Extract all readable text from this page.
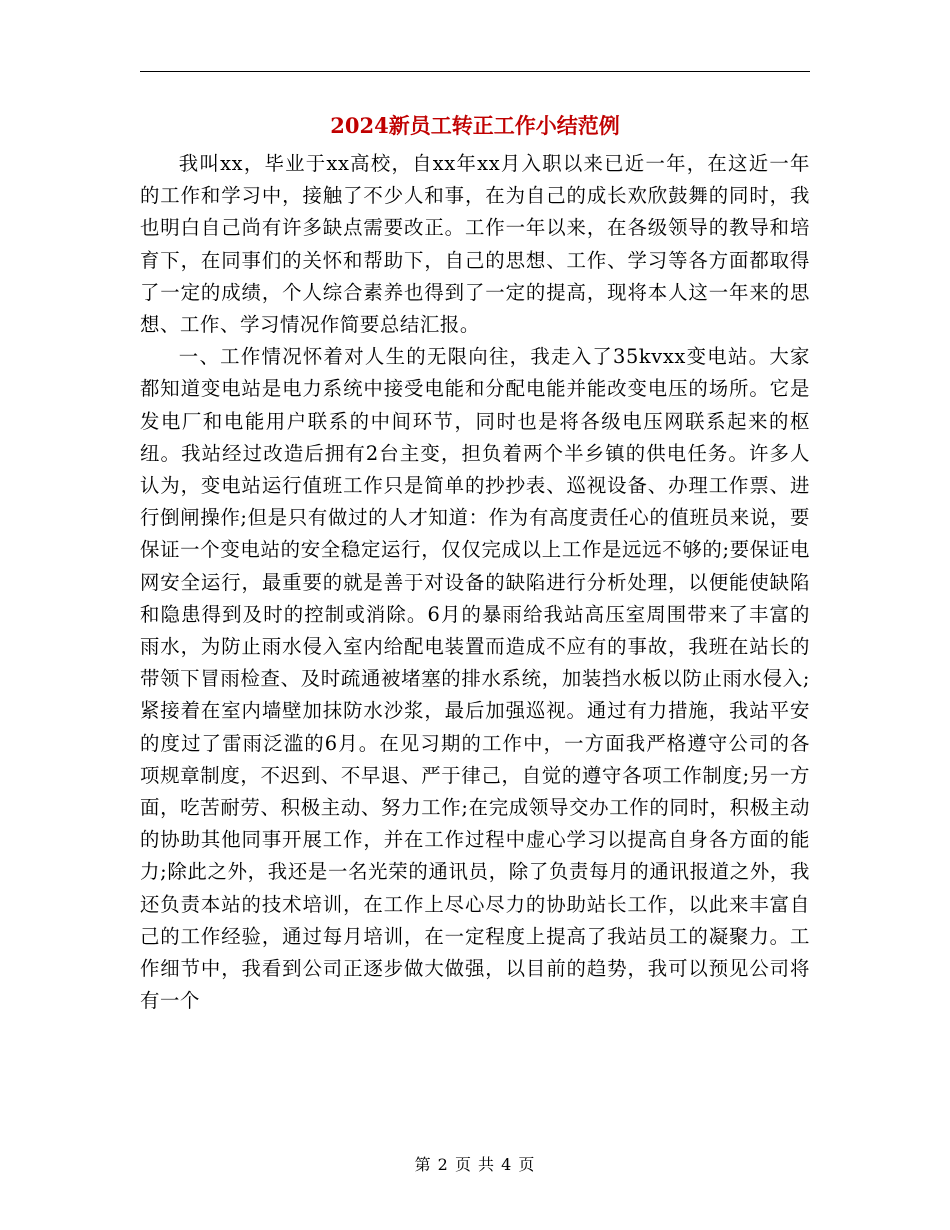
2024新员工转正工作小结范例

我叫xx，毕业于xx高校，自xx年xx月入职以来已近一年，在这近一年的工作和学习中，接触了不少人和事，在为自己的成长欢欣鼓舞的同时，我也明白自己尚有许多缺点需要改正。工作一年以来，在各级领导的教导和培育下，在同事们的关怀和帮助下，自己的思想、工作、学习等各方面都取得了一定的成绩，个人综合素养也得到了一定的提高，现将本人这一年来的思想、工作、学习情况作简要总结汇报。

一、工作情况怀着对人生的无限向往，我走入了35kvxx变电站。大家都知道变电站是电力系统中接受电能和分配电能并能改变电压的场所。它是发电厂和电能用户联系的中间环节，同时也是将各级电压网联系起来的枢纽。我站经过改造后拥有2台主变，担负着两个半乡镇的供电任务。许多人认为，变电站运行值班工作只是简单的抄抄表、巡视设备、办理工作票、进行倒闸操作;但是只有做过的人才知道：作为有高度责任心的值班员来说，要保证一个变电站的安全稳定运行，仅仅完成以上工作是远远不够的;要保证电网安全运行，最重要的就是善于对设备的缺陷进行分析处理，以便能使缺陷和隐患得到及时的控制或消除。6月的暴雨给我站高压室周围带来了丰富的雨水，为防止雨水侵入室内给配电装置而造成不应有的事故，我班在站长的带领下冒雨检查、及时疏通被堵塞的排水系统，加装挡水板以防止雨水侵入;紧接着在室内墙壁加抹防水沙浆，最后加强巡视。通过有力措施，我站平安的度过了雷雨泛滥的6月。在见习期的工作中，一方面我严格遵守公司的各项规章制度，不迟到、不早退、严于律己，自觉的遵守各项工作制度;另一方面，吃苦耐劳、积极主动、努力工作;在完成领导交办工作的同时，积极主动的协助其他同事开展工作，并在工作过程中虚心学习以提高自身各方面的能力;除此之外，我还是一名光荣的通讯员，除了负责每月的通讯报道之外，我还负责本站的技术培训，在工作上尽心尽力的协助站长工作，以此来丰富自己的工作经验，通过每月培训，在一定程度上提高了我站员工的凝聚力。工作细节中，我看到公司正逐步做大做强，以目前的趋势，我可以预见公司将有一个

第 2 页 共 4 页
